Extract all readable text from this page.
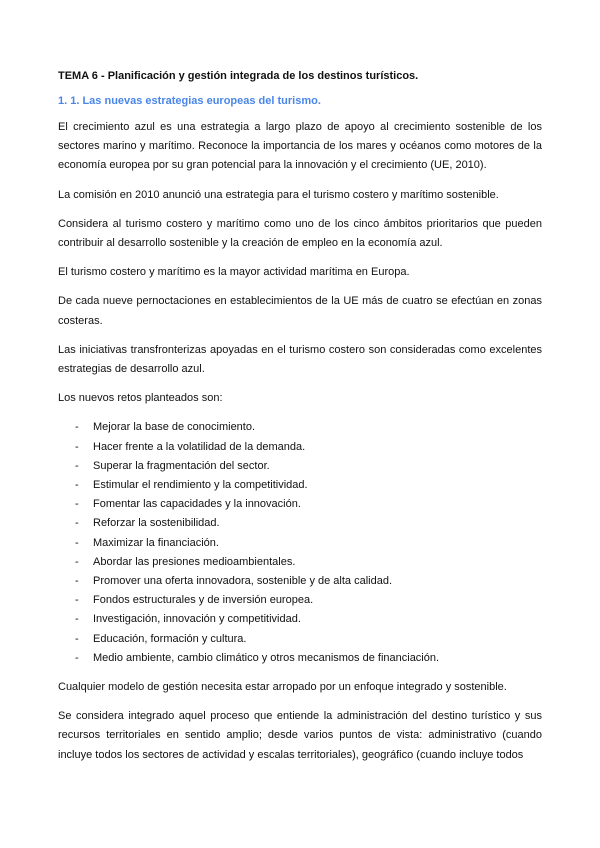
TEMA 6 - Planificación y gestión integrada de los destinos turísticos.
1. 1. Las nuevas estrategias europeas del turismo.

El crecimiento azul es una estrategia a largo plazo de apoyo al crecimiento sostenible de los sectores marino y marítimo. Reconoce la importancia de los mares y océanos como motores de la economía europea por su gran potencial para la innovación y el crecimiento (UE, 2010).

La comisión en 2010 anunció una estrategia para el turismo costero y marítimo sostenible.

Considera al turismo costero y marítimo como uno de los cinco ámbitos prioritarios que pueden contribuir al desarrollo sostenible y la creación de empleo en la economía azul.

El turismo costero y marítimo es la mayor actividad marítima en Europa.

De cada nueve pernoctaciones en establecimientos de la UE más de cuatro se efectúan en zonas costeras.

Las iniciativas transfronterizas apoyadas en el turismo costero son consideradas como excelentes estrategias de desarrollo azul.

Los nuevos retos planteados son:

- Mejorar la base de conocimiento.
- Hacer frente a la volatilidad de la demanda.
- Superar la fragmentación del sector.
- Estimular el rendimiento y la competitividad.
- Fomentar las capacidades y la innovación.
- Reforzar la sostenibilidad.
- Maximizar la financiación.
- Abordar las presiones medioambientales.
- Promover una oferta innovadora, sostenible y de alta calidad.
- Fondos estructurales y de inversión europea.
- Investigación, innovación y competitividad.
- Educación, formación y cultura.
- Medio ambiente, cambio climático y otros mecanismos de financiación.

Cualquier modelo de gestión necesita estar arropado por un enfoque integrado y sostenible.

Se considera integrado aquel proceso que entiende la administración del destino turístico y sus recursos territoriales en sentido amplio; desde varios puntos de vista: administrativo (cuando incluye todos los sectores de actividad y escalas territoriales), geográfico (cuando incluye todos
